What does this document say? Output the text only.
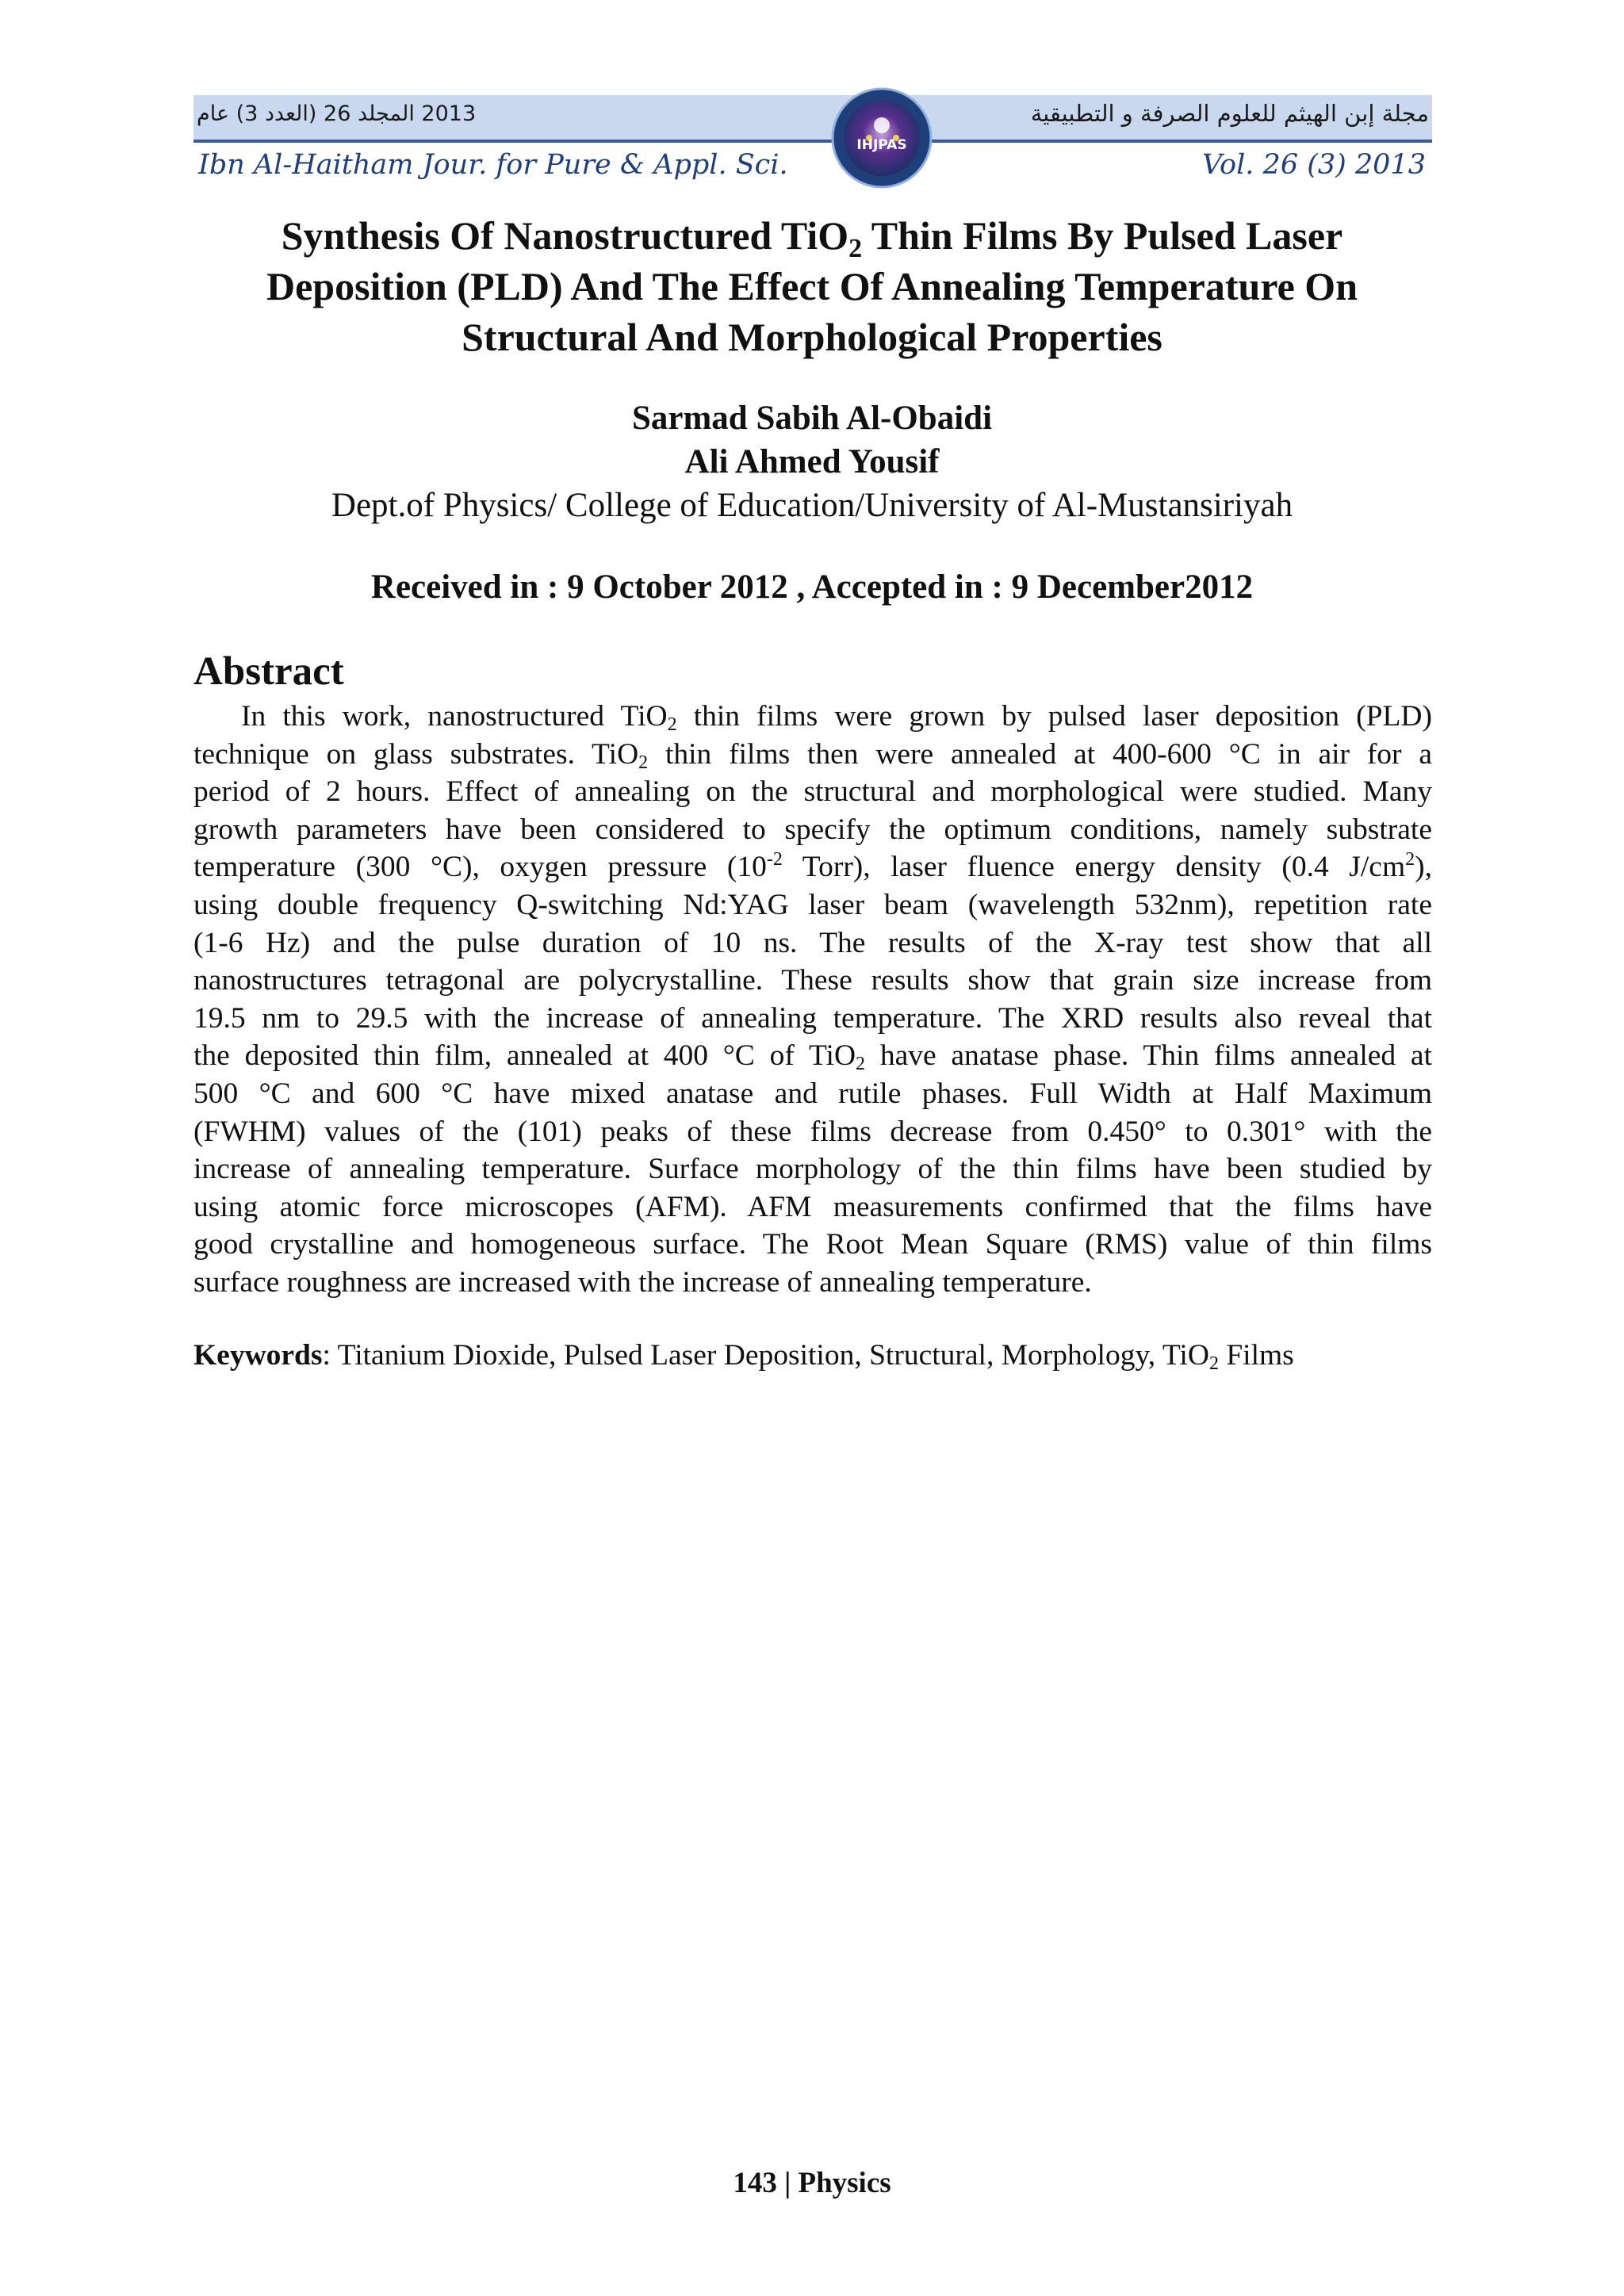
2013 المجلد 26 (العدد 3) عام	مجلة إبن الهيثم للعلوم الصرفة و التطبيقية
Ibn Al-Haitham Jour. for Pure & Appl. Sci.	Vol. 26 (3) 2013
IHJPAS
Synthesis Of Nanostructured TiO$_2$ Thin Films By Pulsed Laser
Deposition (PLD) And The Effect Of Annealing Temperature On
Structural And Morphological Properties
Sarmad Sabih Al-Obaidi
Ali Ahmed Yousif
Dept.of Physics/ College of Education/University of Al-Mustansiriyah
Received in : 9 October 2012 , Accepted in : 9 December2012
Abstract
In this work, nanostructured TiO$_2$ thin films were grown by pulsed laser deposition (PLD)
technique on glass substrates. TiO$_2$ thin films then were annealed at 400-600 °C in air for a
period of 2 hours. Effect of annealing on the structural and morphological were studied. Many
growth parameters have been considered to specify the optimum conditions, namely substrate
temperature (300 °C), oxygen pressure ($10^{-2}$ Torr), laser fluence energy density (0.4 $J/cm^2$),
using double frequency Q-switching Nd:YAG laser beam (wavelength 532nm), repetition rate
(1-6 Hz) and the pulse duration of 10 ns. The results of the X-ray test show that all
nanostructures tetragonal are polycrystalline. These results show that grain size increase from
19.5 nm to 29.5 with the increase of annealing temperature. The XRD results also reveal that
the deposited thin film, annealed at 400 °C of TiO$_2$ have anatase phase. Thin films annealed at
500 °C and 600 °C have mixed anatase and rutile phases. Full Width at Half Maximum
(FWHM) values of the (101) peaks of these films decrease from 0.450° to 0.301° with the
increase of annealing temperature. Surface morphology of the thin films have been studied by
using atomic force microscopes (AFM). AFM measurements confirmed that the films have
good crystalline and homogeneous surface. The Root Mean Square (RMS) value of thin films
surface roughness are increased with the increase of annealing temperature.
Keywords: Titanium Dioxide, Pulsed Laser Deposition, Structural, Morphology, TiO$_2$ Films
143 | Physics
